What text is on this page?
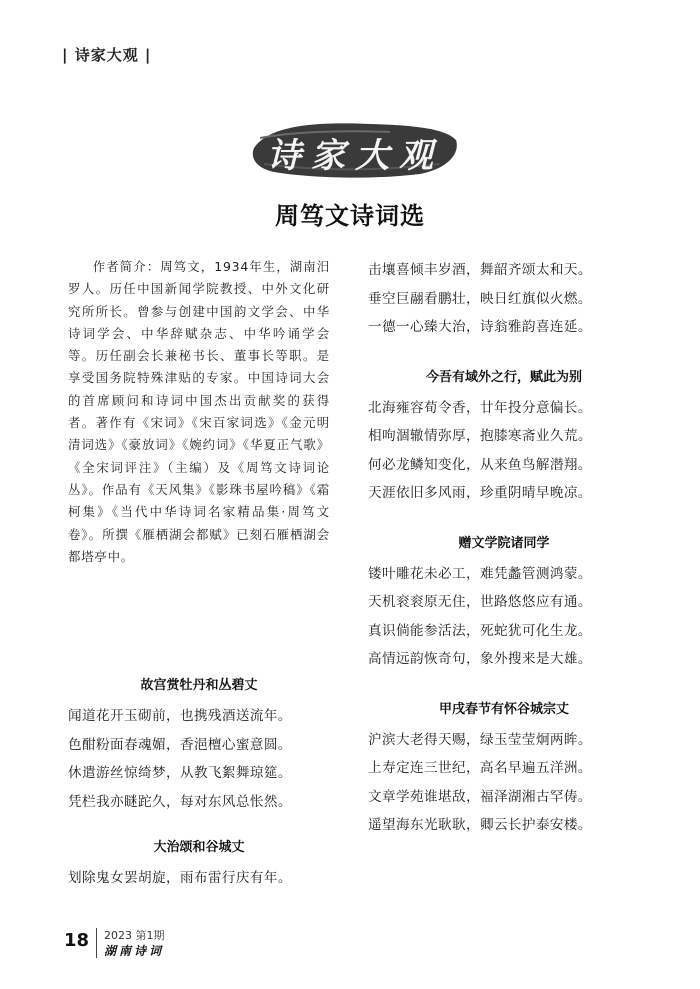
| 诗家大观 |
诗家大观
周笃文诗词选

作者简介：周笃文，1934年生，湖南汨罗人。历任中国新闻学院教授、中外文化研究所所长。曾参与创建中国韵文学会、中华诗词学会、中华辞赋杂志、中华吟诵学会等。历任副会长兼秘书长、董事长等职。是享受国务院特殊津贴的专家。中国诗词大会的首席顾问和诗词中国杰出贡献奖的获得者。著作有《宋词》《宋百家词选》《金元明清词选》《豪放词》《婉约词》《华夏正气歌》《全宋词评注》（主编）及《周笃文诗词论丛》。作品有《天风集》《影珠书屋吟稿》《霜柯集》《当代中华诗词名家精品集·周笃文卷》。所撰《雁栖湖会都赋》已刻石雁栖湖会都塔亭中。

故宫赏牡丹和丛碧丈
闻道花开玉砌前，也携残酒送流年。
色酣粉面春魂媚，香浥檀心蜜意圆。
休遣游丝惊绮梦，从教飞絮舞琼筵。
凭栏我亦瞇跎久，每对东风总怅然。
大治颂和谷城丈
划除鬼女罢胡旋，雨布雷行庆有年。
击壤喜倾丰岁酒，舞韶齐颂太和天。
垂空巨翮看鹏壮，映日红旗似火燃。
一德一心臻大治，诗翁雅韵喜连延。
今吾有域外之行，赋此为别
北海雍容荀令香，廿年投分意偏长。
相呴涸辙情弥厚，抱膝寒斋业久荒。
何必龙鳞知变化，从来鱼鸟解潜翔。
天涯依旧多风雨，珍重阴晴早晚凉。
赠文学院诸同学
镂叶雕花未必工，难凭蠡管测鸿蒙。
天机衮衮原无住，世路悠悠应有通。
真识倘能参活法，死蛇犹可化生龙。
高情远韵恢奇句，象外搜来是大雄。
甲戌春节有怀谷城宗丈
沪滨大老得天赐，绿玉莹莹炯两眸。
上寿定连三世纪，高名早遍五洋洲。
文章学苑谁堪敌，福泽湖湘古罕俦。
遥望海东光耿耿，卿云长护泰安楼。
18 2023 第1期
湖南诗词
